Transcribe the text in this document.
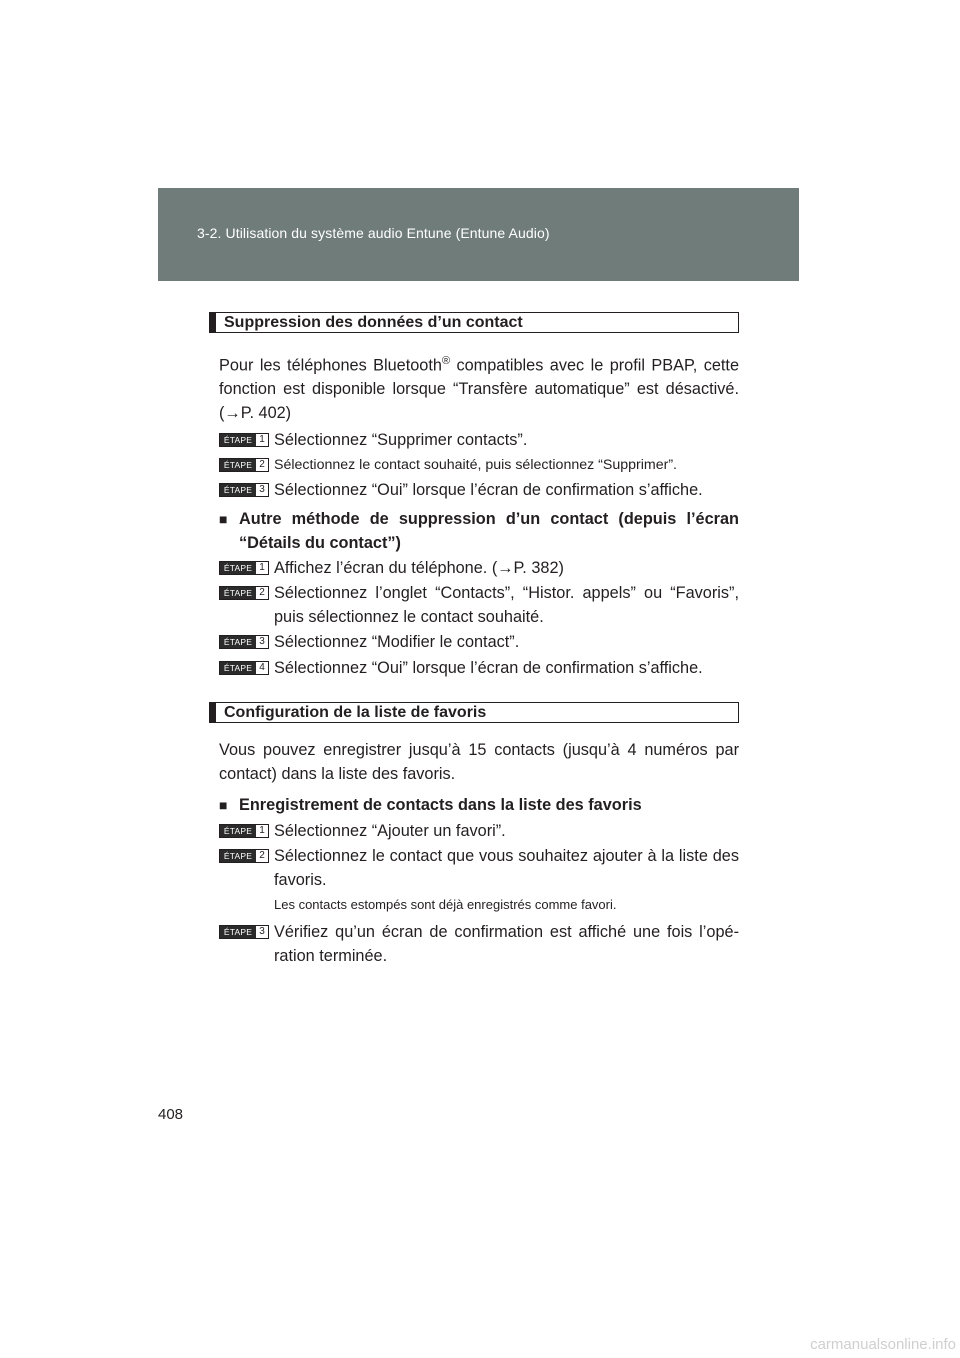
3-2. Utilisation du système audio Entune (Entune Audio)
Suppression des données d’un contact
Pour les téléphones Bluetooth® compatibles avec le profil PBAP, cette fonction est disponible lorsque “Transfère automatique” est désactivé. (→P. 402)
ÉTAPE 1 Sélectionnez “Supprimer contacts”.
ÉTAPE 2 Sélectionnez le contact souhaité, puis sélectionnez “Supprimer”.
ÉTAPE 3 Sélectionnez “Oui” lorsque l’écran de confirmation s’affiche.
■ Autre méthode de suppression d’un contact (depuis l’écran “Détails du contact”)
ÉTAPE 1 Affichez l’écran du téléphone. (→P. 382)
ÉTAPE 2 Sélectionnez l’onglet “Contacts”, “Histor. appels” ou “Favoris”, puis sélectionnez le contact souhaité.
ÉTAPE 3 Sélectionnez “Modifier le contact”.
ÉTAPE 4 Sélectionnez “Oui” lorsque l’écran de confirmation s’affiche.
Configuration de la liste de favoris
Vous pouvez enregistrer jusqu’à 15 contacts (jusqu’à 4 numéros par contact) dans la liste des favoris.
■ Enregistrement de contacts dans la liste des favoris
ÉTAPE 1 Sélectionnez “Ajouter un favori”.
ÉTAPE 2 Sélectionnez le contact que vous souhaitez ajouter à la liste des favoris.
Les contacts estompés sont déjà enregistrés comme favori.
ÉTAPE 3 Vérifiez qu’un écran de confirmation est affiché une fois l’opé-ration terminée.
408
carmanualsonline.info
